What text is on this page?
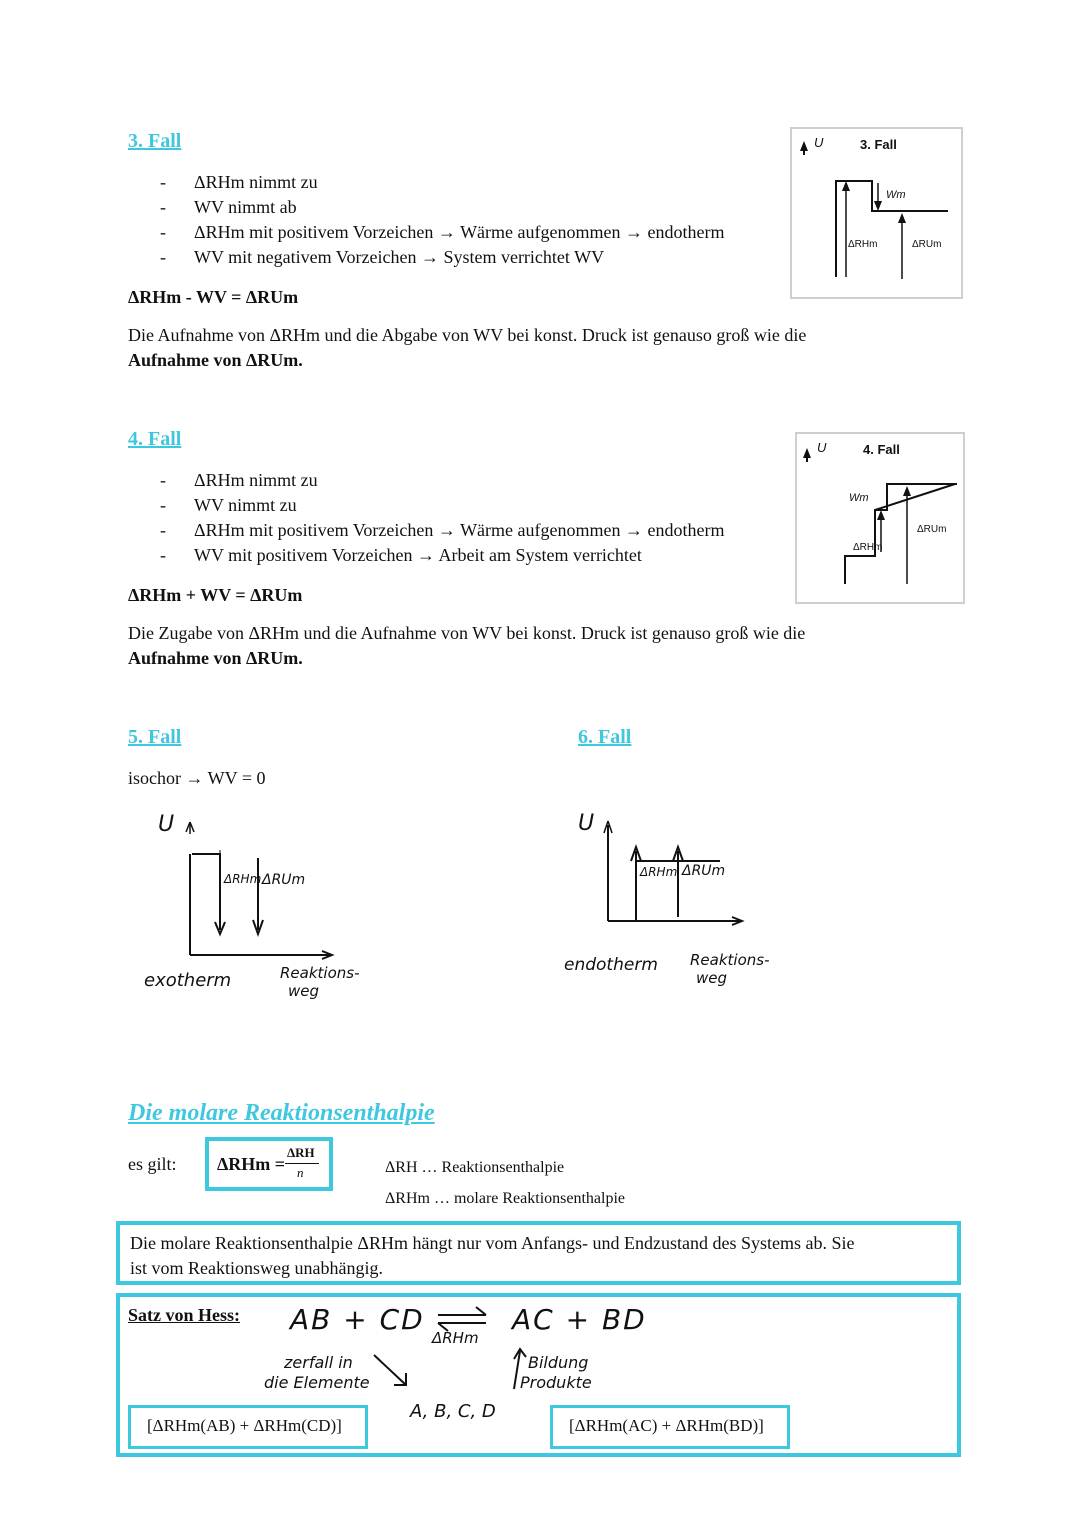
3. Fall
- ΔRHm nimmt zu
- WV nimmt ab
- ΔRHm mit positivem Vorzeichen → Wärme aufgenommen → endotherm
- WV mit negativem Vorzeichen → System verrichtet WV
ΔRHm - WV = ΔRUm
Die Aufnahme von ΔRHm und die Abgabe von WV bei konst. Druck ist genauso groß wie die
Aufnahme von ΔRUm.
U	3. Fall
Wm
ΔRHm	ΔRUm
4. Fall
- ΔRHm nimmt zu
- WV nimmt zu
- ΔRHm mit positivem Vorzeichen → Wärme aufgenommen → endotherm
- WV mit positivem Vorzeichen → Arbeit am System verrichtet
ΔRHm + WV = ΔRUm
Die Zugabe von ΔRHm und die Aufnahme von WV bei konst. Druck ist genauso groß wie die
Aufnahme von ΔRUm.
U	4. Fall
Wm
ΔRHm
ΔRUm
5. Fall
isochor → WV = 0
U
ΔRHm ΔRUm
exotherm	Reaktions-
weg
6. Fall
U
ΔRHm ΔRUm
endotherm Reaktions-
weg
Die molare Reaktionsenthalpie
es gilt: ΔRHm =
ΔRH
n	ΔRH … Reaktionsenthalpie
ΔRHm … molare Reaktionsenthalpie
Die molare Reaktionsenthalpie ΔRHm hängt nur vom Anfangs- und Endzustand des Systems ab. Sie
ist vom Reaktionsweg unabhängig.
Satz von Hess: AB + CD ⇌
ΔRHm
AC + BD
zerfall in
die Elemente
A, B, C, D
Bildung
Produkte
[ΔRHm(AB) + ΔRHm(CD)]	[ΔRHm(AC) + ΔRHm(BD)]
